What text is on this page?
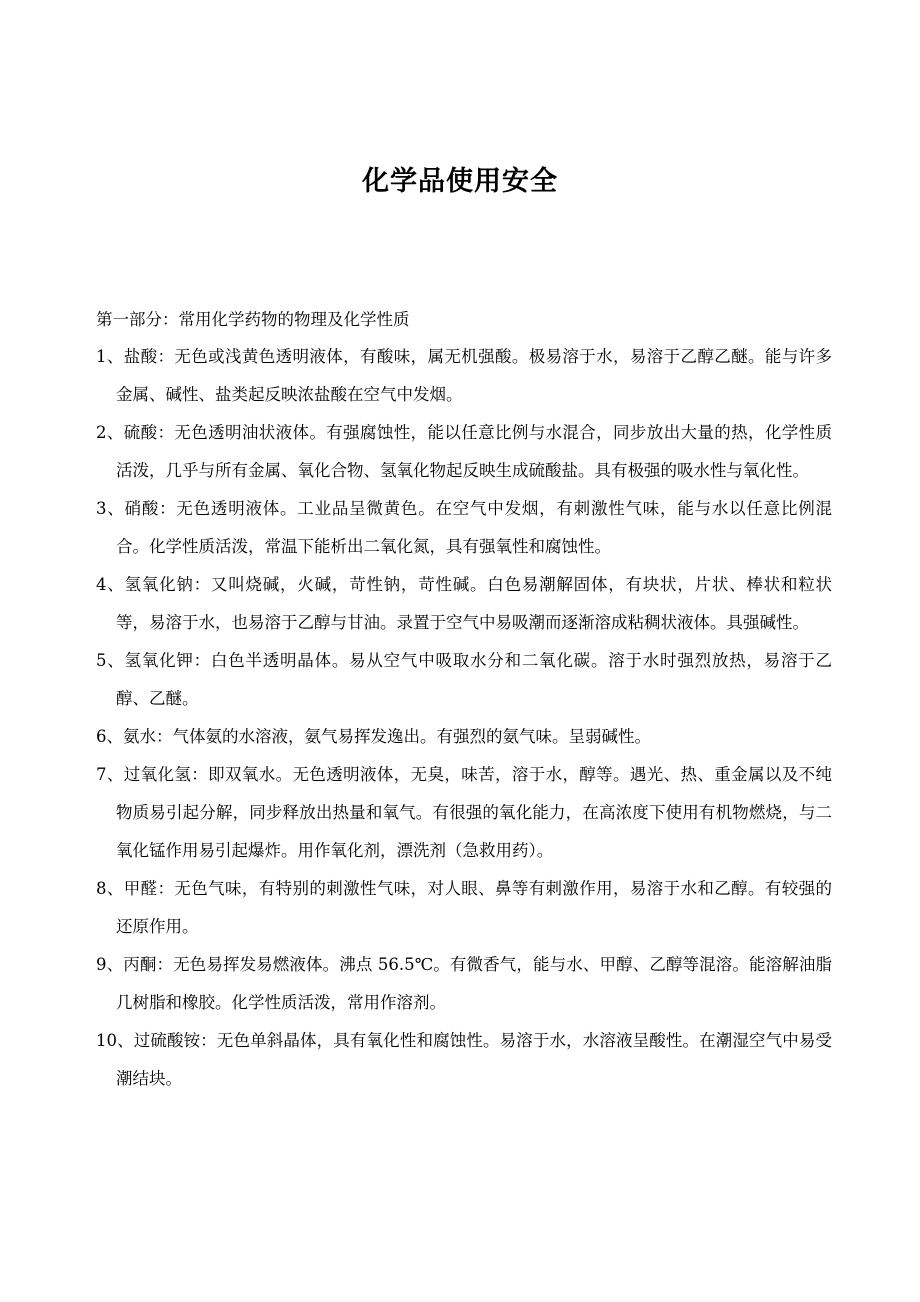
化学品使用安全

第一部分：常用化学药物的物理及化学性质

1、盐酸：无色或浅黄色透明液体，有酸味，属无机强酸。极易溶于水，易溶于乙醇乙醚。能与许多金属、碱性、盐类起反映浓盐酸在空气中发烟。

2、硫酸：无色透明油状液体。有强腐蚀性，能以任意比例与水混合，同步放出大量的热，化学性质活泼，几乎与所有金属、氧化合物、氢氧化物起反映生成硫酸盐。具有极强的吸水性与氧化性。

3、硝酸：无色透明液体。工业品呈微黄色。在空气中发烟，有刺激性气味，能与水以任意比例混合。化学性质活泼，常温下能析出二氧化氮，具有强氧性和腐蚀性。

4、氢氧化钠：又叫烧碱，火碱，苛性钠，苛性碱。白色易潮解固体，有块状，片状、棒状和粒状等，易溶于水，也易溶于乙醇与甘油。录置于空气中易吸潮而逐渐溶成粘稠状液体。具强碱性。

5、氢氧化钾：白色半透明晶体。易从空气中吸取水分和二氧化碳。溶于水时强烈放热，易溶于乙醇、乙醚。

6、氨水：气体氨的水溶液，氨气易挥发逸出。有强烈的氨气味。呈弱碱性。

7、过氧化氢：即双氧水。无色透明液体，无臭，味苦，溶于水，醇等。遇光、热、重金属以及不纯物质易引起分解，同步释放出热量和氧气。有很强的氧化能力，在高浓度下使用有机物燃烧，与二氧化锰作用易引起爆炸。用作氧化剂，漂洗剂（急救用药）。

8、甲醛：无色气味，有特别的刺激性气味，对人眼、鼻等有刺激作用，易溶于水和乙醇。有较强的还原作用。

9、丙酮：无色易挥发易燃液体。沸点 56.5℃。有微香气，能与水、甲醇、乙醇等混溶。能溶解油脂几树脂和橡胶。化学性质活泼，常用作溶剂。

10、过硫酸铵：无色单斜晶体，具有氧化性和腐蚀性。易溶于水，水溶液呈酸性。在潮湿空气中易受潮结块。
